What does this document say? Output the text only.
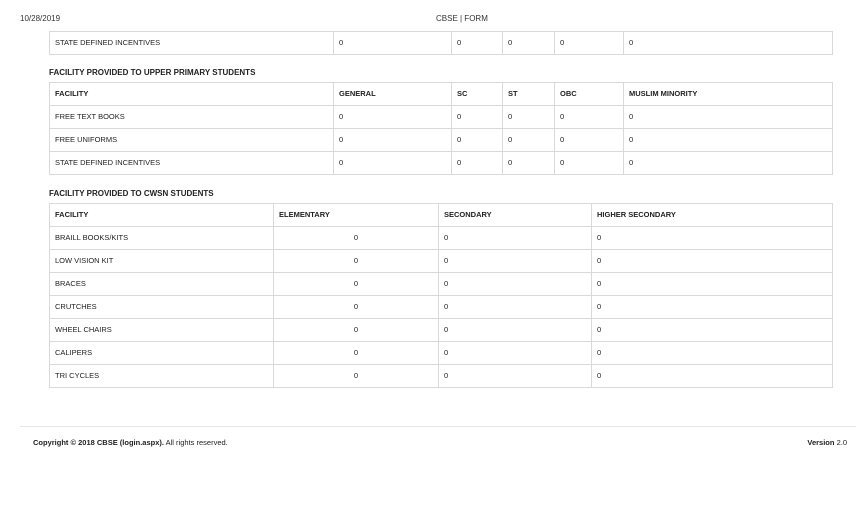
10/28/2019	CBSE | FORM
STATE DEFINED INCENTIVES	0	0	0	0	0
FACILITY PROVIDED TO UPPER PRIMARY STUDENTS
FACILITY	GENERAL	SC	ST	OBC	MUSLIM MINORITY
FREE TEXT BOOKS	0	0	0	0	0
FREE UNIFORMS	0	0	0	0	0
STATE DEFINED INCENTIVES	0	0	0	0	0
FACILITY PROVIDED TO CWSN STUDENTS
FACILITY	ELEMENTARY	SECONDARY	HIGHER SECONDARY
BRAILL BOOKS/KITS	0	0	0
LOW VISION KIT	0	0	0
BRACES	0	0	0
CRUTCHES	0	0	0
WHEEL CHAIRS	0	0	0
CALIPERS	0	0	0
TRI CYCLES	0	0	0
Copyright © 2018 CBSE (login.aspx). All rights reserved.	Version 2.0
